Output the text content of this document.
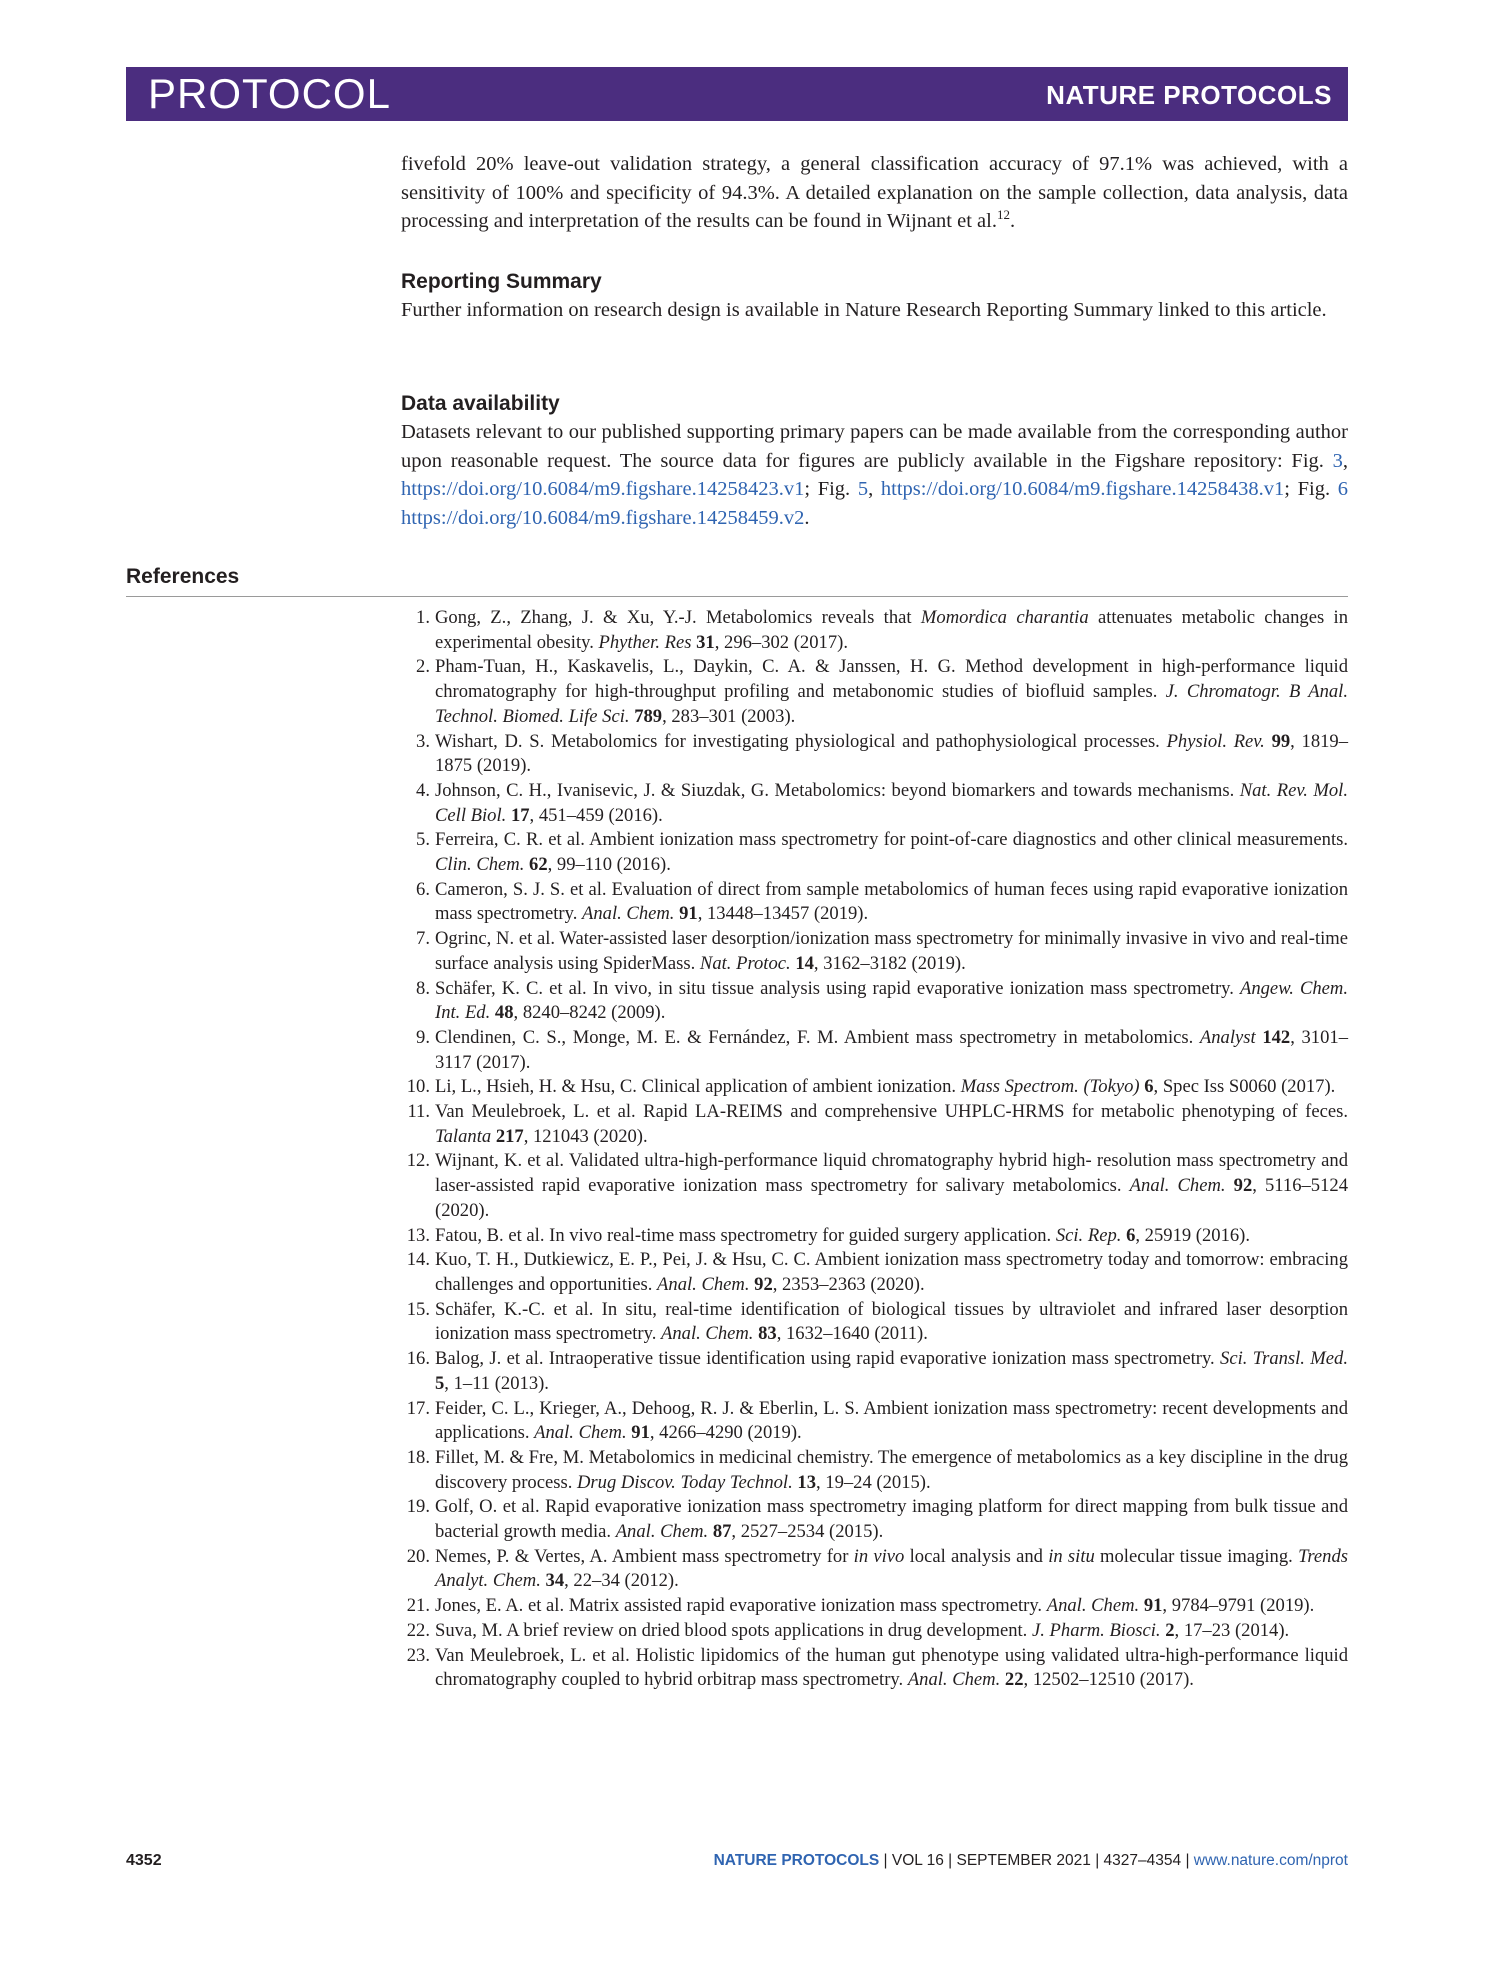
PROTOCOL	NATURE PROTOCOLS

fivefold 20% leave-out validation strategy, a general classification accuracy of 97.1% was achieved, with a sensitivity of 100% and specificity of 94.3%. A detailed explanation on the sample collection, data analysis, data processing and interpretation of the results can be found in Wijnant et al.$^{12}$.

Reporting Summary

Further information on research design is available in Nature Research Reporting Summary linked to this article.

Data availability

Datasets relevant to our published supporting primary papers can be made available from the corresponding author upon reasonable request. The source data for figures are publicly available in the Figshare repository: Fig. 3, https://doi.org/10.6084/m9.figshare.14258423.v1; Fig. 5, https://doi.org/10.6084/m9.figshare.14258438.v1; Fig. 6 https://doi.org/10.6084/m9.figshare.14258459.v2.

References
1. Gong, Z., Zhang, J. & Xu, Y.-J. Metabolomics reveals that Momordica charantia attenuates metabolic changes in experimental obesity. Phyther. Res 31, 296–302 (2017).
2. Pham-Tuan, H., Kaskavelis, L., Daykin, C. A. & Janssen, H. G. Method development in high-performance liquid chromatography for high-throughput profiling and metabonomic studies of biofluid samples. J. Chromatogr. B Anal. Technol. Biomed. Life Sci. 789, 283–301 (2003).
3. Wishart, D. S. Metabolomics for investigating physiological and pathophysiological processes. Physiol. Rev. 99, 1819–1875 (2019).
4. Johnson, C. H., Ivanisevic, J. & Siuzdak, G. Metabolomics: beyond biomarkers and towards mechanisms. Nat. Rev. Mol. Cell Biol. 17, 451–459 (2016).
5. Ferreira, C. R. et al. Ambient ionization mass spectrometry for point-of-care diagnostics and other clinical measurements. Clin. Chem. 62, 99–110 (2016).
6. Cameron, S. J. S. et al. Evaluation of direct from sample metabolomics of human feces using rapid evaporative ionization mass spectrometry. Anal. Chem. 91, 13448–13457 (2019).
7. Ogrinc, N. et al. Water-assisted laser desorption/ionization mass spectrometry for minimally invasive in vivo and real-time surface analysis using SpiderMass. Nat. Protoc. 14, 3162–3182 (2019).
8. Schäfer, K. C. et al. In vivo, in situ tissue analysis using rapid evaporative ionization mass spectrometry. Angew. Chem. Int. Ed. 48, 8240–8242 (2009).
9. Clendinen, C. S., Monge, M. E. & Fernández, F. M. Ambient mass spectrometry in metabolomics. Analyst 142, 3101–3117 (2017).
10. Li, L., Hsieh, H. & Hsu, C. Clinical application of ambient ionization. Mass Spectrom. (Tokyo) 6, Spec Iss S0060 (2017).
11. Van Meulebroek, L. et al. Rapid LA-REIMS and comprehensive UHPLC-HRMS for metabolic phenotyping of feces. Talanta 217, 121043 (2020).
12. Wijnant, K. et al. Validated ultra-high-performance liquid chromatography hybrid high- resolution mass spectrometry and laser-assisted rapid evaporative ionization mass spectrometry for salivary metabolomics. Anal. Chem. 92, 5116–5124 (2020).
13. Fatou, B. et al. In vivo real-time mass spectrometry for guided surgery application. Sci. Rep. 6, 25919 (2016).
14. Kuo, T. H., Dutkiewicz, E. P., Pei, J. & Hsu, C. C. Ambient ionization mass spectrometry today and tomorrow: embracing challenges and opportunities. Anal. Chem. 92, 2353–2363 (2020).
15. Schäfer, K.-C. et al. In situ, real-time identification of biological tissues by ultraviolet and infrared laser desorption ionization mass spectrometry. Anal. Chem. 83, 1632–1640 (2011).
16. Balog, J. et al. Intraoperative tissue identification using rapid evaporative ionization mass spectrometry. Sci. Transl. Med. 5, 1–11 (2013).
17. Feider, C. L., Krieger, A., Dehoog, R. J. & Eberlin, L. S. Ambient ionization mass spectrometry: recent developments and applications. Anal. Chem. 91, 4266–4290 (2019).
18. Fillet, M. & Fre, M. Metabolomics in medicinal chemistry. The emergence of metabolomics as a key discipline in the drug discovery process. Drug Discov. Today Technol. 13, 19–24 (2015).
19. Golf, O. et al. Rapid evaporative ionization mass spectrometry imaging platform for direct mapping from bulk tissue and bacterial growth media. Anal. Chem. 87, 2527–2534 (2015).
20. Nemes, P. & Vertes, A. Ambient mass spectrometry for in vivo local analysis and in situ molecular tissue imaging. Trends Analyt. Chem. 34, 22–34 (2012).
21. Jones, E. A. et al. Matrix assisted rapid evaporative ionization mass spectrometry. Anal. Chem. 91, 9784–9791 (2019).
22. Suva, M. A brief review on dried blood spots applications in drug development. J. Pharm. Biosci. 2, 17–23 (2014).
23. Van Meulebroek, L. et al. Holistic lipidomics of the human gut phenotype using validated ultra-high-performance liquid chromatography coupled to hybrid orbitrap mass spectrometry. Anal. Chem. 22, 12502–12510 (2017).
4352	NATURE PROTOCOLS | VOL 16 | SEPTEMBER 2021 | 4327–4354 | www.nature.com/nprot
